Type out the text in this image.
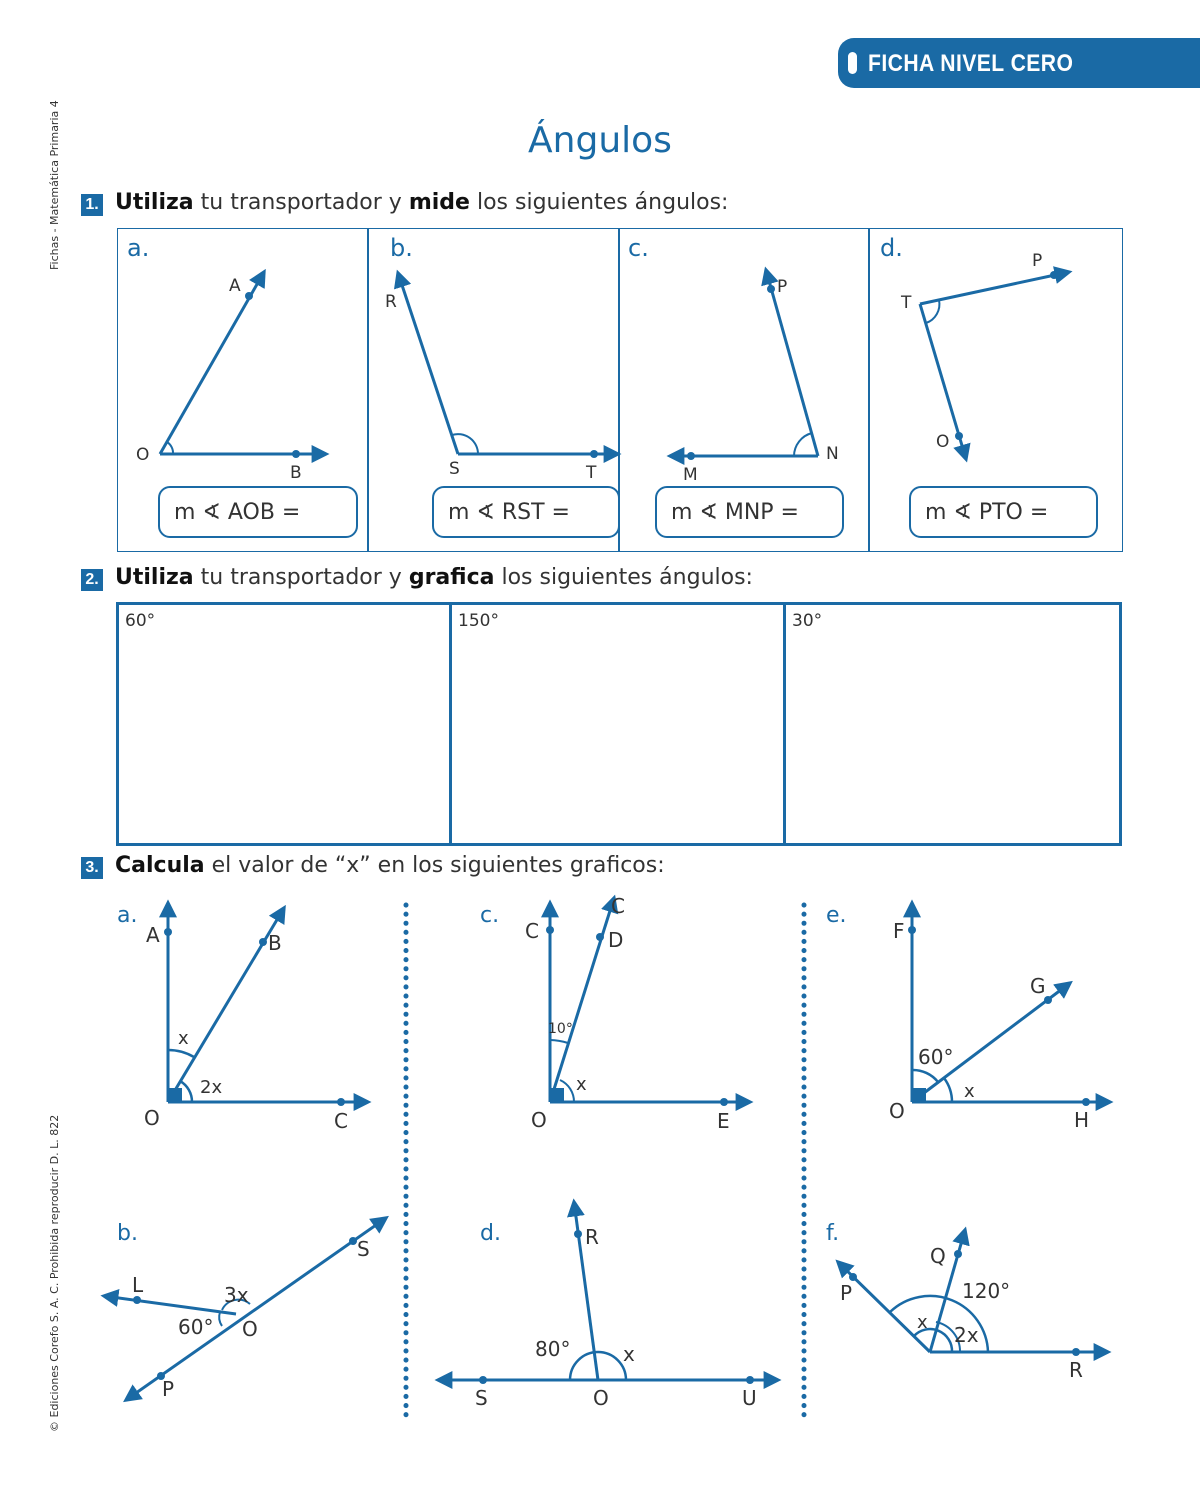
FICHA NIVEL CERO
Fichas - Matemática Primaria 4
© Ediciones Corefo S. A. C. Prohibida reproducir D. L. 822
Ángulos
1. Utiliza tu transportador y mide los siguientes ángulos:
a.	b.	c.	d.
m ∢ AOB =	m ∢ RST =	m ∢ MNP =	m ∢ PTO =
2. Utiliza tu transportador y grafica los siguientes ángulos:
60°	150°	30°
3. Calcula el valor de “x” en los siguientes graficos:
A
O
B
R
S	T
P
N
M
P
T
O
a.
b.
c.
d.
e.
f.
A	B
x
2x
O	C
L	3x
60° O
S
P
C
C
D
10°
x
O	E
R
80°	x
S	O	U
F
G
60°
x
O	H
Q
P	120°
x
2x
R
